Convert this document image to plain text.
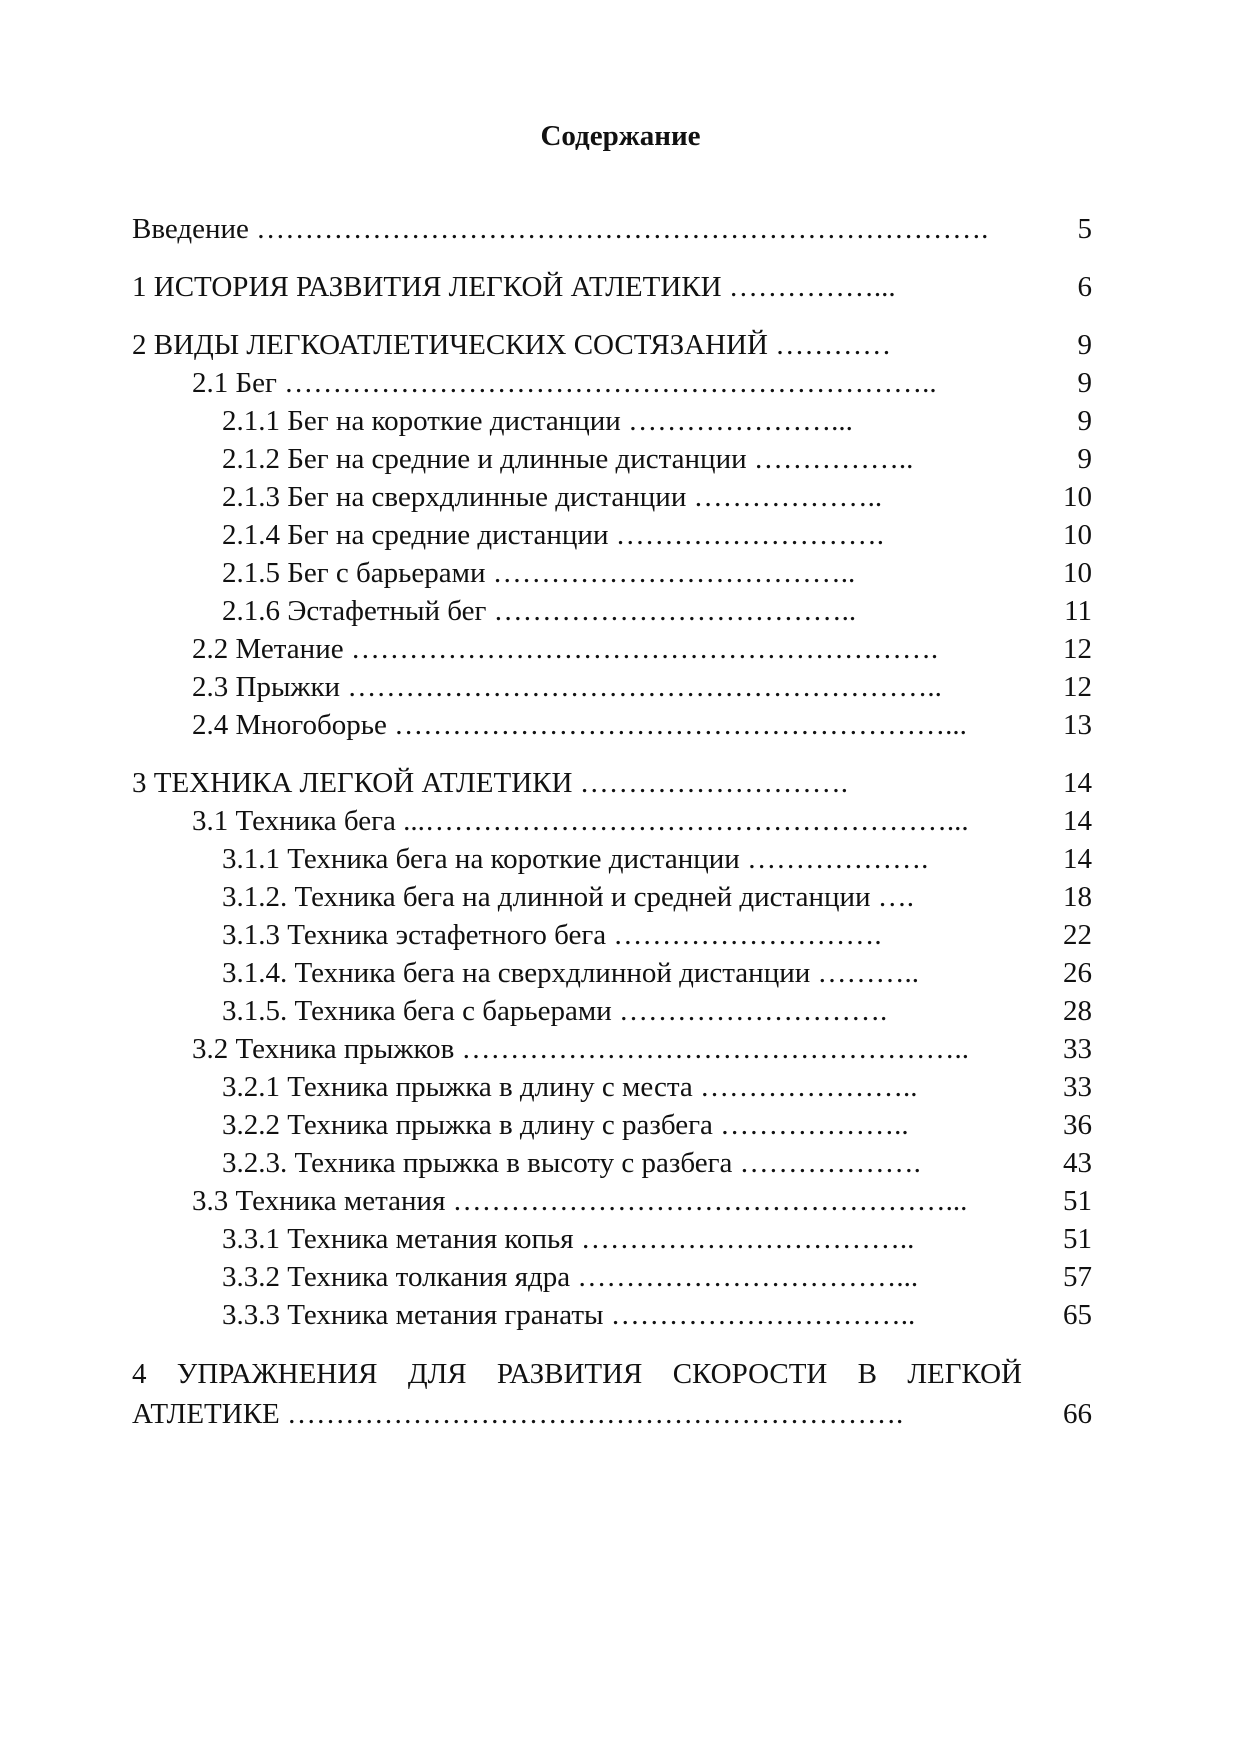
Содержание
Введение ………………………………………………………………….	5
1 ИСТОРИЯ РАЗВИТИЯ ЛЕГКОЙ АТЛЕТИКИ ……………...	6
2 ВИДЫ ЛЕГКОАТЛЕТИЧЕСКИХ СОСТЯЗАНИЙ …………	9
2.1 Бег …………………………………………………………..	9
2.1.1 Бег на короткие дистанции …………………...	9
2.1.2 Бег на средние и длинные дистанции ……………..	9
2.1.3 Бег на сверхдлинные дистанции ………………..	10
2.1.4 Бег на средние дистанции ……………………….	10
2.1.5 Бег с барьерами ………………………………..	10
2.1.6 Эстафетный бег ………………………………..	11
2.2 Метание …………………………………………………….	12
2.3 Прыжки ……………………………………………………..	12
2.4 Многоборье …………………………………………………...	13
3 ТЕХНИКА ЛЕГКОЙ АТЛЕТИКИ ……………………….	14
3.1 Техника бега ...………………………………………………...	14
3.1.1 Техника бега на короткие дистанции ……………….	14
3.1.2. Техника бега на длинной и средней дистанции ….	18
3.1.3 Техника эстафетного бега ……………………….	22
3.1.4. Техника бега на сверхдлинной дистанции ………..	26
3.1.5. Техника бега с барьерами ……………………….	28
3.2 Техника прыжков ……………………………………………..	33
3.2.1 Техника прыжка в длину с места …………………..	33
3.2.2 Техника прыжка в длину с разбега ………………..	36
3.2.3. Техника прыжка в высоту с разбега ……………….	43
3.3 Техника метания ……………………………………………...	51
3.3.1 Техника метания копья ……………………………..	51
3.3.2 Техника толкания ядра ……………………………...	57
3.3.3 Техника метания гранаты …………………………..	65
4 УПРАЖНЕНИЯ ДЛЯ РАЗВИТИЯ СКОРОСТИ В ЛЕГКОЙ
АТЛЕТИКЕ ……………………………………………………….	66
